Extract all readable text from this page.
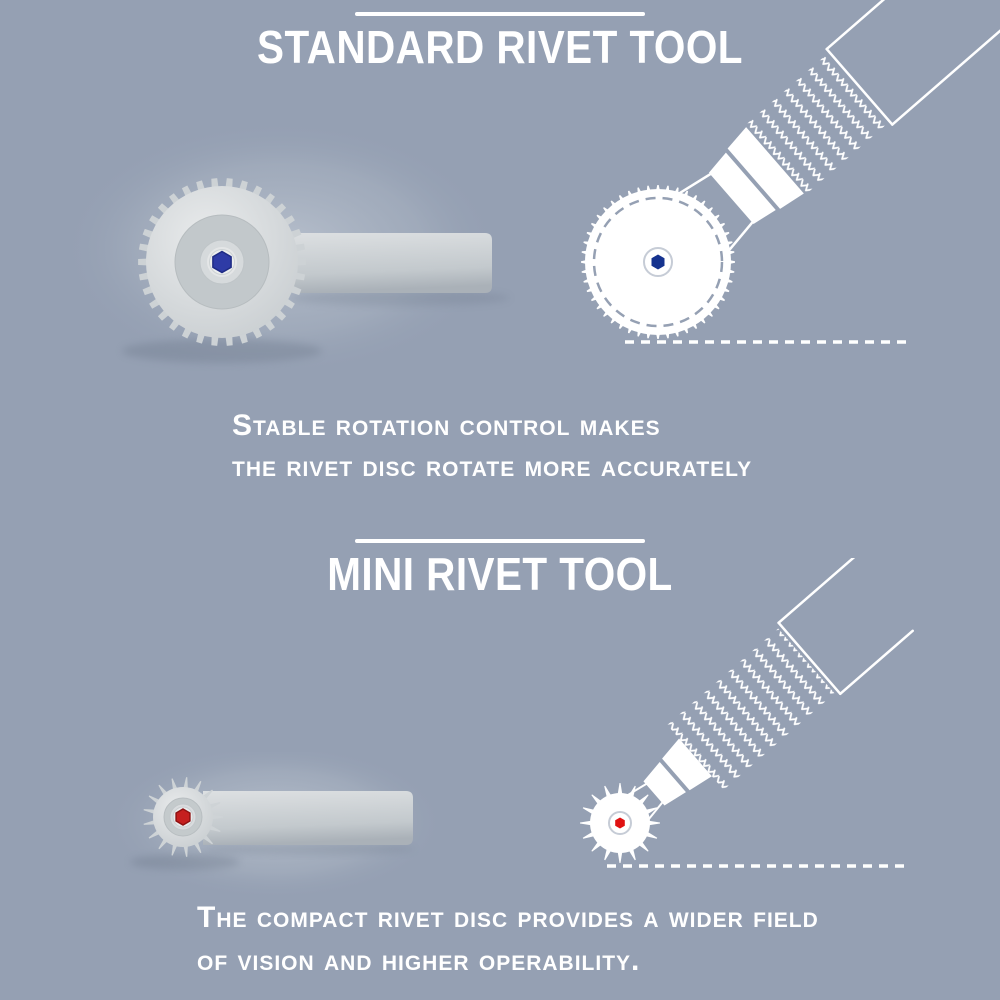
STANDARD RIVET TOOL
Stable rotation control makes
the rivet disc rotate more accurately
MINI RIVET TOOL
The compact rivet disc provides a wider field
of vision and higher operability.
